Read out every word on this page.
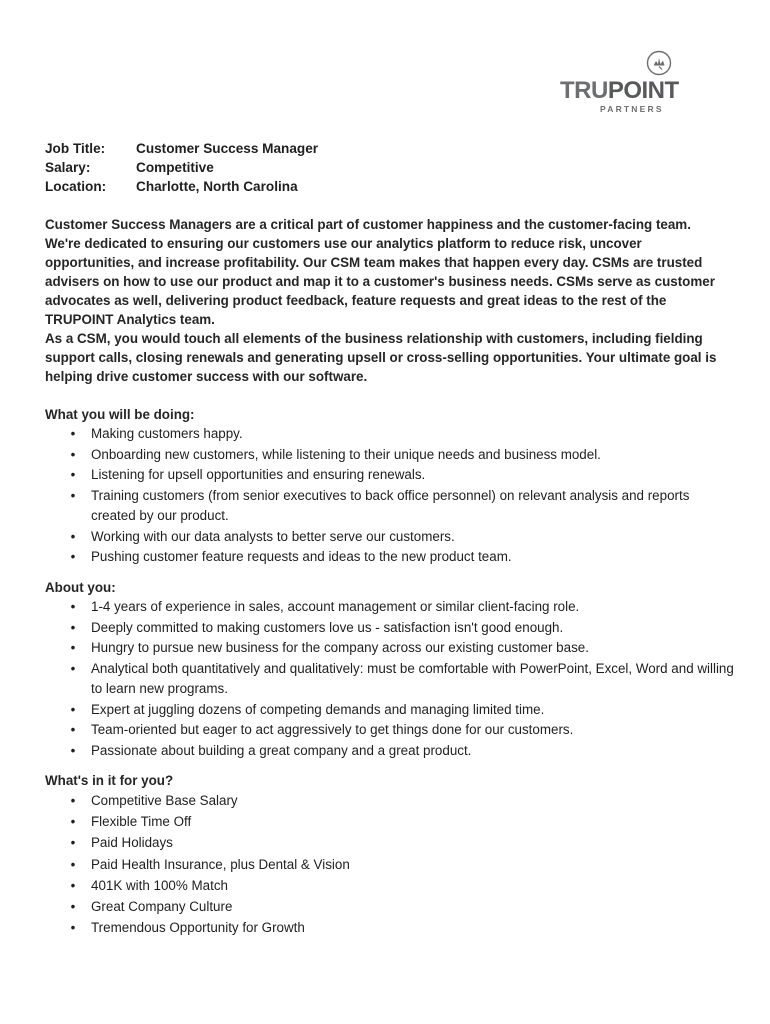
TRUPOINT
PARTNERS
Job Title:	Customer Success Manager
Salary:	Competitive
Location:	Charlotte, North Carolina

Customer Success Managers are a critical part of customer happiness and the customer-facing team. We're dedicated to ensuring our customers use our analytics platform to reduce risk, uncover opportunities, and increase profitability. Our CSM team makes that happen every day. CSMs are trusted advisers on how to use our product and map it to a customer's business needs. CSMs serve as customer advocates as well, delivering product feedback, feature requests and great ideas to the rest of the TRUPOINT Analytics team.

As a CSM, you would touch all elements of the business relationship with customers, including fielding support calls, closing renewals and generating upsell or cross-selling opportunities. Your ultimate goal is helping drive customer success with our software.

What you will be doing:
• Making customers happy.
• Onboarding new customers, while listening to their unique needs and business model.
• Listening for upsell opportunities and ensuring renewals.
• Training customers (from senior executives to back office personnel) on relevant analysis and reports created by our product.
• Working with our data analysts to better serve our customers.
• Pushing customer feature requests and ideas to the new product team.
About you:
• 1-4 years of experience in sales, account management or similar client-facing role.
• Deeply committed to making customers love us - satisfaction isn't good enough.
• Hungry to pursue new business for the company across our existing customer base.
• Analytical both quantitatively and qualitatively: must be comfortable with PowerPoint, Excel, Word and willing to learn new programs.
• Expert at juggling dozens of competing demands and managing limited time.
• Team-oriented but eager to act aggressively to get things done for our customers.
• Passionate about building a great company and a great product.
What's in it for you?
• Competitive Base Salary
• Flexible Time Off
• Paid Holidays
• Paid Health Insurance, plus Dental & Vision
• 401K with 100% Match
• Great Company Culture
• Tremendous Opportunity for Growth
